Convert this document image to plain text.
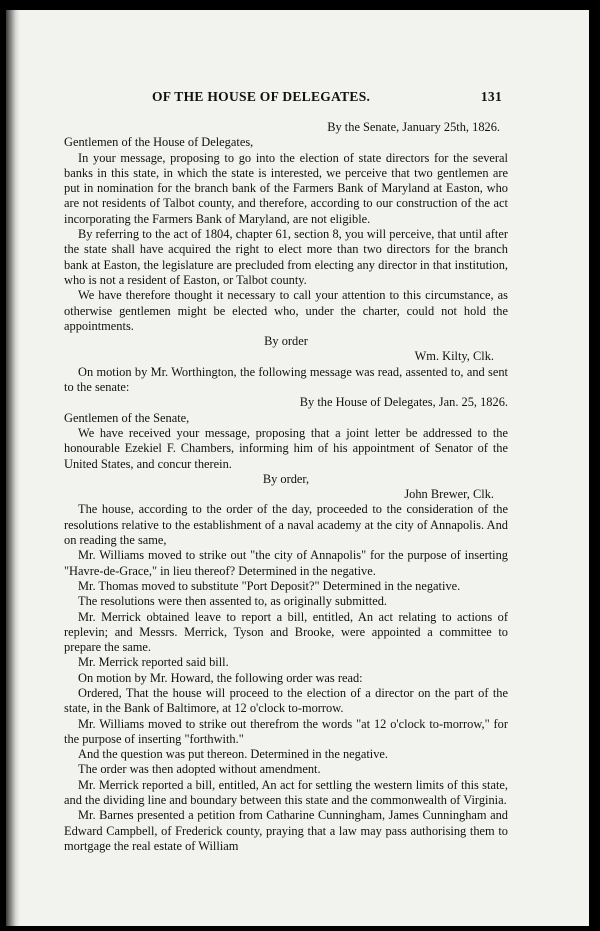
OF THE HOUSE OF DELEGATES.	131

By the Senate, January 25th, 1826.

Gentlemen of the House of Delegates,

In your message, proposing to go into the election of state directors for the several banks in this state, in which the state is interested, we perceive that two gentlemen are put in nomination for the branch bank of the Farmers Bank of Maryland at Easton, who are not residents of Talbot county, and therefore, according to our construction of the act incorporating the Farmers Bank of Maryland, are not eligible.

By referring to the act of 1804, chapter 61, section 8, you will perceive, that until after the state shall have acquired the right to elect more than two directors for the branch bank at Easton, the legislature are precluded from electing any director in that institution, who is not a resident of Easton, or Talbot county.

We have therefore thought it necessary to call your attention to this circumstance, as otherwise gentlemen might be elected who, under the charter, could not hold the appointments.

By order

Wm. Kilty, Clk.

On motion by Mr. Worthington, the following message was read, assented to, and sent to the senate:

By the House of Delegates, Jan. 25, 1826.

Gentlemen of the Senate,

We have received your message, proposing that a joint letter be addressed to the honourable Ezekiel F. Chambers, informing him of his appointment of Senator of the United States, and concur therein.

By order,

John Brewer, Clk.

The house, according to the order of the day, proceeded to the consideration of the resolutions relative to the establishment of a naval academy at the city of Annapolis. And on reading the same,

Mr. Williams moved to strike out "the city of Annapolis" for the purpose of inserting "Havre-de-Grace," in lieu thereof? Determined in the negative.

Mr. Thomas moved to substitute "Port Deposit?" Determined in the negative.

The resolutions were then assented to, as originally submitted.

Mr. Merrick obtained leave to report a bill, entitled, An act relating to actions of replevin; and Messrs. Merrick, Tyson and Brooke, were appointed a committee to prepare the same.

Mr. Merrick reported said bill.

On motion by Mr. Howard, the following order was read:

Ordered, That the house will proceed to the election of a director on the part of the state, in the Bank of Baltimore, at 12 o'clock to-morrow.

Mr. Williams moved to strike out therefrom the words "at 12 o'clock to-morrow," for the purpose of inserting "forthwith."

And the question was put thereon. Determined in the negative.

The order was then adopted without amendment.

Mr. Merrick reported a bill, entitled, An act for settling the western limits of this state, and the dividing line and boundary between this state and the commonwealth of Virginia.

Mr. Barnes presented a petition from Catharine Cunningham, James Cunningham and Edward Campbell, of Frederick county, praying that a law may pass authorising them to mortgage the real estate of William
